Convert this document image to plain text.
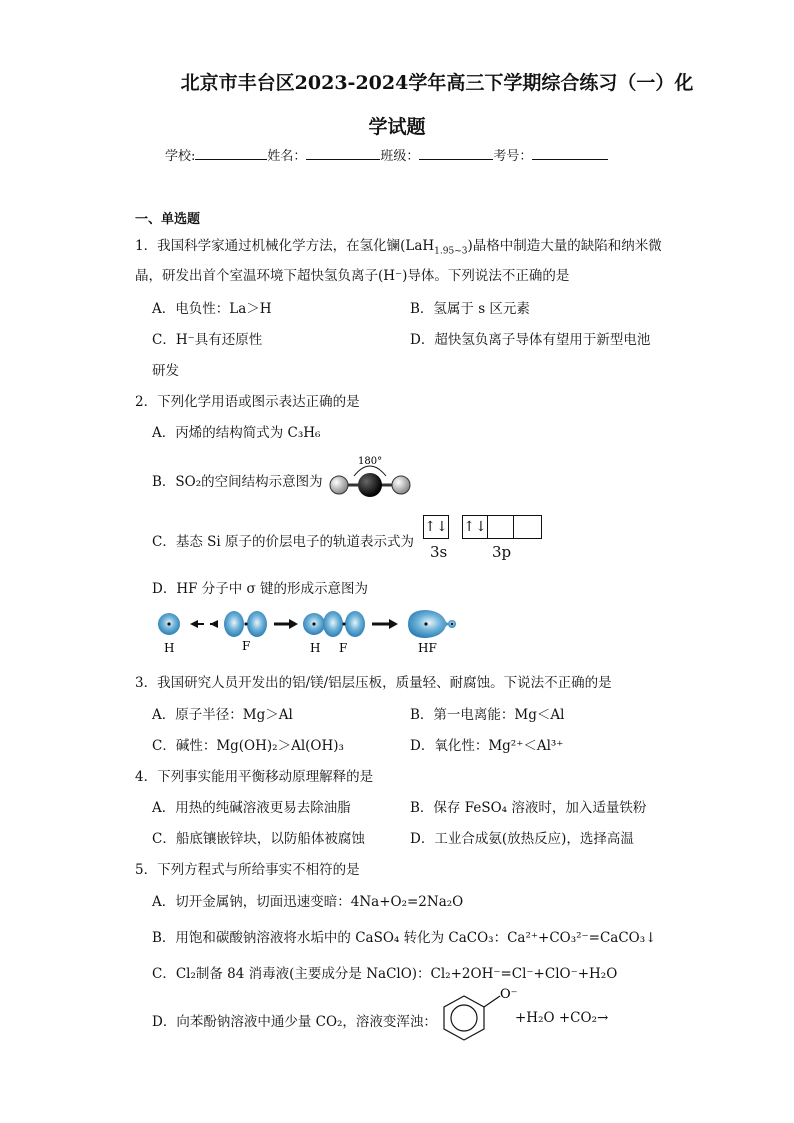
北京市丰台区2023-2024学年高三下学期综合练习（一）化
学试题
学校:	姓名：	班级：	考号：
一、单选题
1．我国科学家通过机械化学方法，在氢化镧(LaH$_{1.95\sim 3}$)晶格中制造大量的缺陷和纳米微
晶，研发出首个室温环境下超快氢负离子(H⁻)导体。下列说法不正确的是
A．电负性：La＞H	B．氢属于 s 区元素
C．H⁻具有还原性	D．超快氢负离子导体有望用于新型电池
研发
2．下列化学用语或图示表达正确的是
A．丙烯的结构简式为 C₃H₆
B．SO₂的空间结构示意图为
180°
C．基态 Si 原子的价层电子的轨道表示式为
↑↓ ↑↓
3s	3p
D．HF 分子中 σ 键的形成示意图为
H	F	H F	HF
3．我国研究人员开发出的铝/镁/铝层压板，质量轻、耐腐蚀。下说法不正确的是
A．原子半径：Mg＞Al	B．第一电离能：Mg＜Al
C．碱性：Mg(OH)₂＞Al(OH)₃	D．氧化性：Mg²⁺＜Al³⁺
4．下列事实能用平衡移动原理解释的是
A．用热的纯碱溶液更易去除油脂	B．保存 FeSO₄ 溶液时，加入适量铁粉
C．船底镶嵌锌块，以防船体被腐蚀	D．工业合成氨(放热反应)，选择高温
5．下列方程式与所给事实不相符的是
A．切开金属钠，切面迅速变暗：4Na+O₂=2Na₂O
B．用饱和碳酸钠溶液将水垢中的 CaSO₄ 转化为 CaCO₃：Ca²⁺+CO₃²⁻=CaCO₃↓
C．Cl₂制备 84 消毒液(主要成分是 NaClO)：Cl₂+2OH⁻=Cl⁻+ClO⁻+H₂O
D．向苯酚钠溶液中通少量 CO₂，溶液变浑浊：
O⁻
+H₂O +CO₂→
